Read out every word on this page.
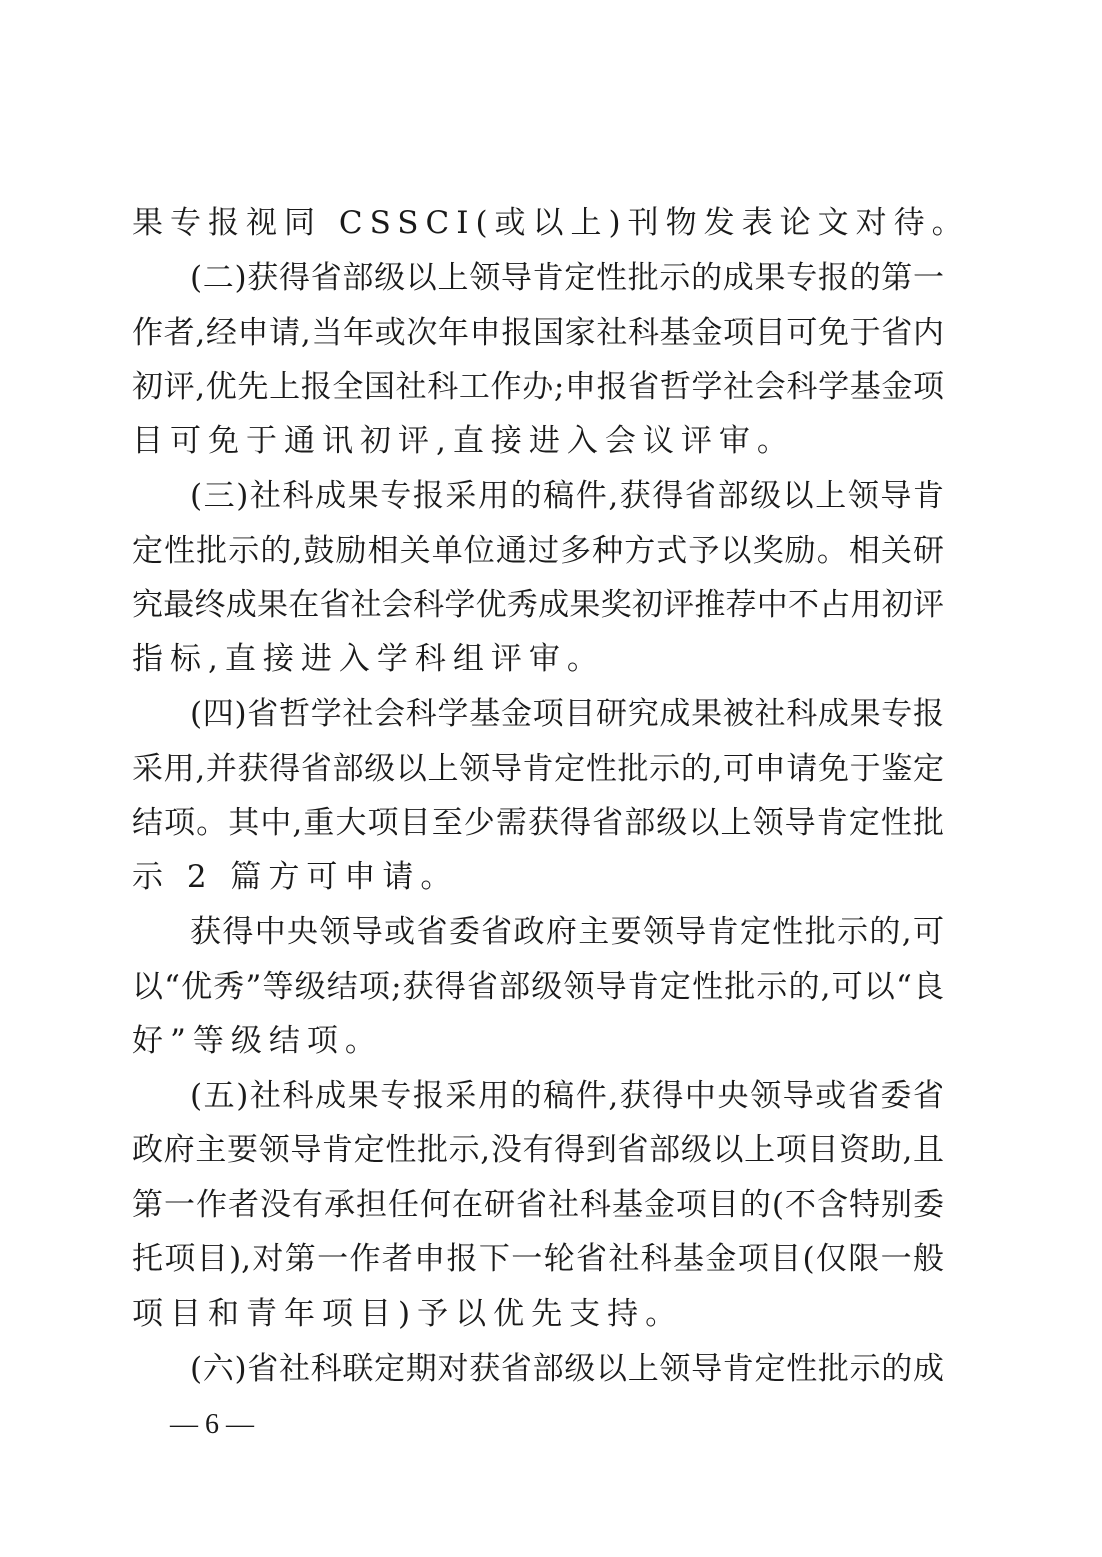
果专报视同 CSSCI(或以上)刊物发表论文对待。
(二)获得省部级以上领导肯定性批示的成果专报的第一
作者,经申请,当年或次年申报国家社科基金项目可免于省内
初评,优先上报全国社科工作办;申报省哲学社会科学基金项
目可免于通讯初评,直接进入会议评审。
(三)社科成果专报采用的稿件,获得省部级以上领导肯
定性批示的,鼓励相关单位通过多种方式予以奖励。相关研
究最终成果在省社会科学优秀成果奖初评推荐中不占用初评
指标,直接进入学科组评审。
(四)省哲学社会科学基金项目研究成果被社科成果专报
采用,并获得省部级以上领导肯定性批示的,可申请免于鉴定
结项。其中,重大项目至少需获得省部级以上领导肯定性批
示 2 篇方可申请。
获得中央领导或省委省政府主要领导肯定性批示的,可
以“优秀”等级结项;获得省部级领导肯定性批示的,可以“良
好”等级结项。
(五)社科成果专报采用的稿件,获得中央领导或省委省
政府主要领导肯定性批示,没有得到省部级以上项目资助,且
第一作者没有承担任何在研省社科基金项目的(不含特别委
托项目),对第一作者申报下一轮省社科基金项目(仅限一般
项目和青年项目)予以优先支持。
(六)省社科联定期对获省部级以上领导肯定性批示的成
— 6 —
